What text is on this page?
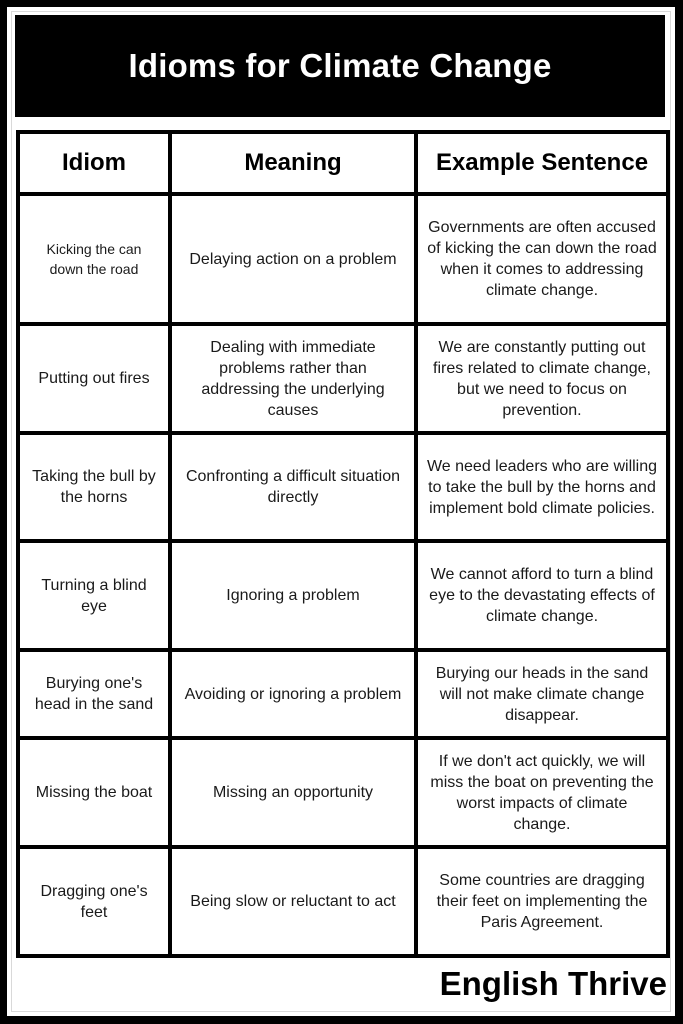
Idioms for Climate Change
Idiom	Meaning	Example Sentence
Kicking the can down the road	Delaying action on a problem	Governments are often accused of kicking the can down the road when it comes to addressing climate change.
Putting out fires	Dealing with immediate problems rather than addressing the underlying causes	We are constantly putting out fires related to climate change, but we need to focus on prevention.
Taking the bull by the horns	Confronting a difficult situation directly	We need leaders who are willing to take the bull by the horns and implement bold climate policies.
Turning a blind eye	Ignoring a problem	We cannot afford to turn a blind eye to the devastating effects of climate change.
Burying one's head in the sand	Avoiding or ignoring a problem	Burying our heads in the sand will not make climate change disappear.
Missing the boat	Missing an opportunity	If we don't act quickly, we will miss the boat on preventing the worst impacts of climate change.
Dragging one's feet	Being slow or reluctant to act	Some countries are dragging their feet on implementing the Paris Agreement.
English Thrive
